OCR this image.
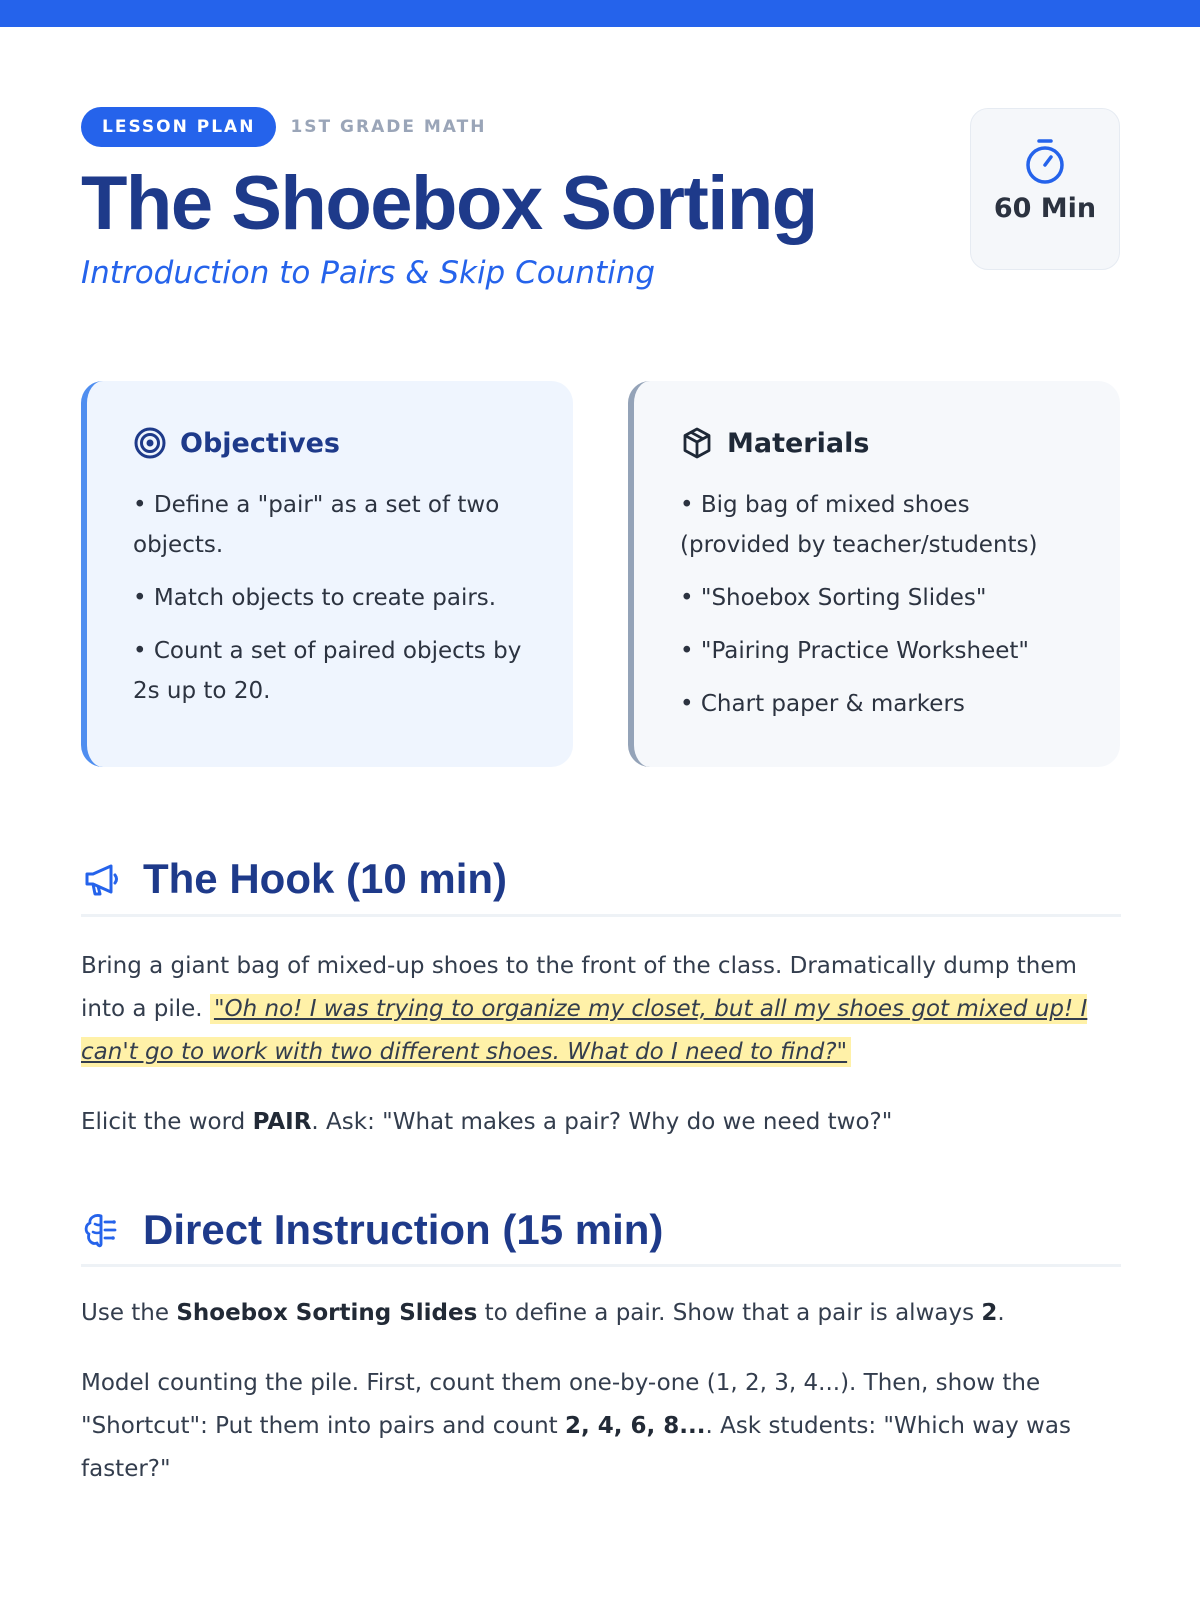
LESSON PLAN	1ST GRADE MATH
The Shoebox Sorting
Introduction to Pairs & Skip Counting
60 Min
Objectives
• Define a "pair" as a set of two objects.
• Match objects to create pairs.
• Count a set of paired objects by 2s up to 20.
Materials
• Big bag of mixed shoes (provided by teacher/students)
• "Shoebox Sorting Slides"
• "Pairing Practice Worksheet"
• Chart paper & markers
The Hook (10 min)

Bring a giant bag of mixed-up shoes to the front of the class. Dramatically dump them into a pile. "Oh no! I was trying to organize my closet, but all my shoes got mixed up! I can't go to work with two different shoes. What do I need to find?"

Elicit the word PAIR. Ask: "What makes a pair? Why do we need two?"

Direct Instruction (15 min)

Use the Shoebox Sorting Slides to define a pair. Show that a pair is always 2.

Model counting the pile. First, count them one-by-one (1, 2, 3, 4...). Then, show the "Shortcut": Put them into pairs and count 2, 4, 6, 8.... Ask students: "Which way was faster?"
